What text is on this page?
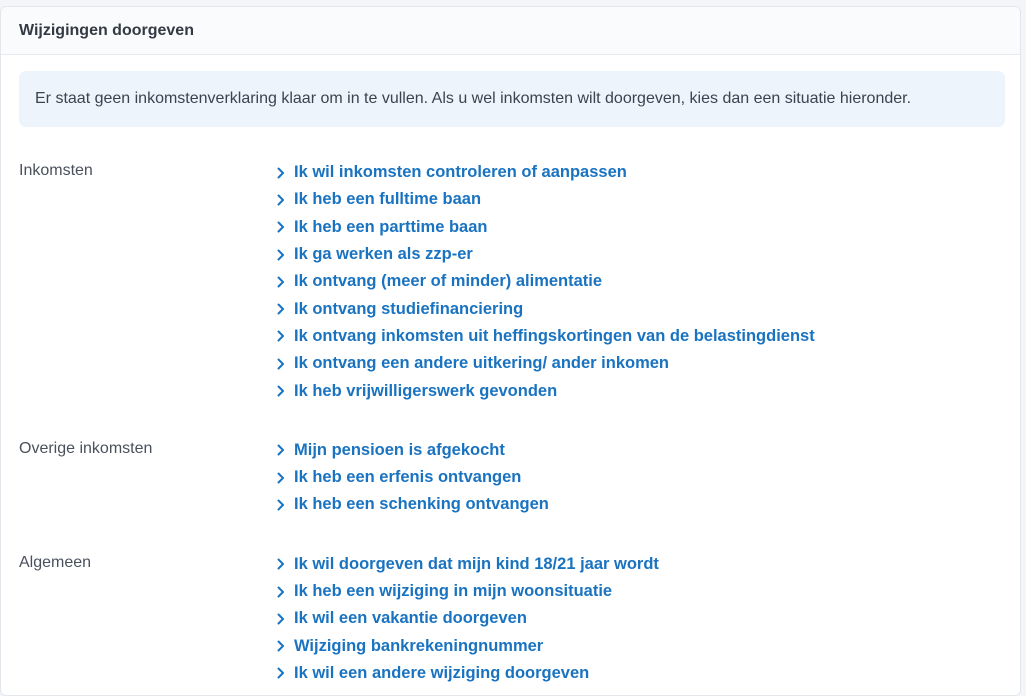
Wijzigingen doorgeven
Er staat geen inkomstenverklaring klaar om in te vullen. Als u wel inkomsten wilt doorgeven, kies dan een situatie hieronder.
Inkomsten	Ik wil inkomsten controleren of aanpassen
Ik heb een fulltime baan
Ik heb een parttime baan
Ik ga werken als zzp-er
Ik ontvang (meer of minder) alimentatie
Ik ontvang studiefinanciering
Ik ontvang inkomsten uit heffingskortingen van de belastingdienst
Ik ontvang een andere uitkering/ ander inkomen
Ik heb vrijwilligerswerk gevonden
Overige inkomsten	Mijn pensioen is afgekocht
Ik heb een erfenis ontvangen
Ik heb een schenking ontvangen
Algemeen	Ik wil doorgeven dat mijn kind 18/21 jaar wordt
Ik heb een wijziging in mijn woonsituatie
Ik wil een vakantie doorgeven
Wijziging bankrekeningnummer
Ik wil een andere wijziging doorgeven
